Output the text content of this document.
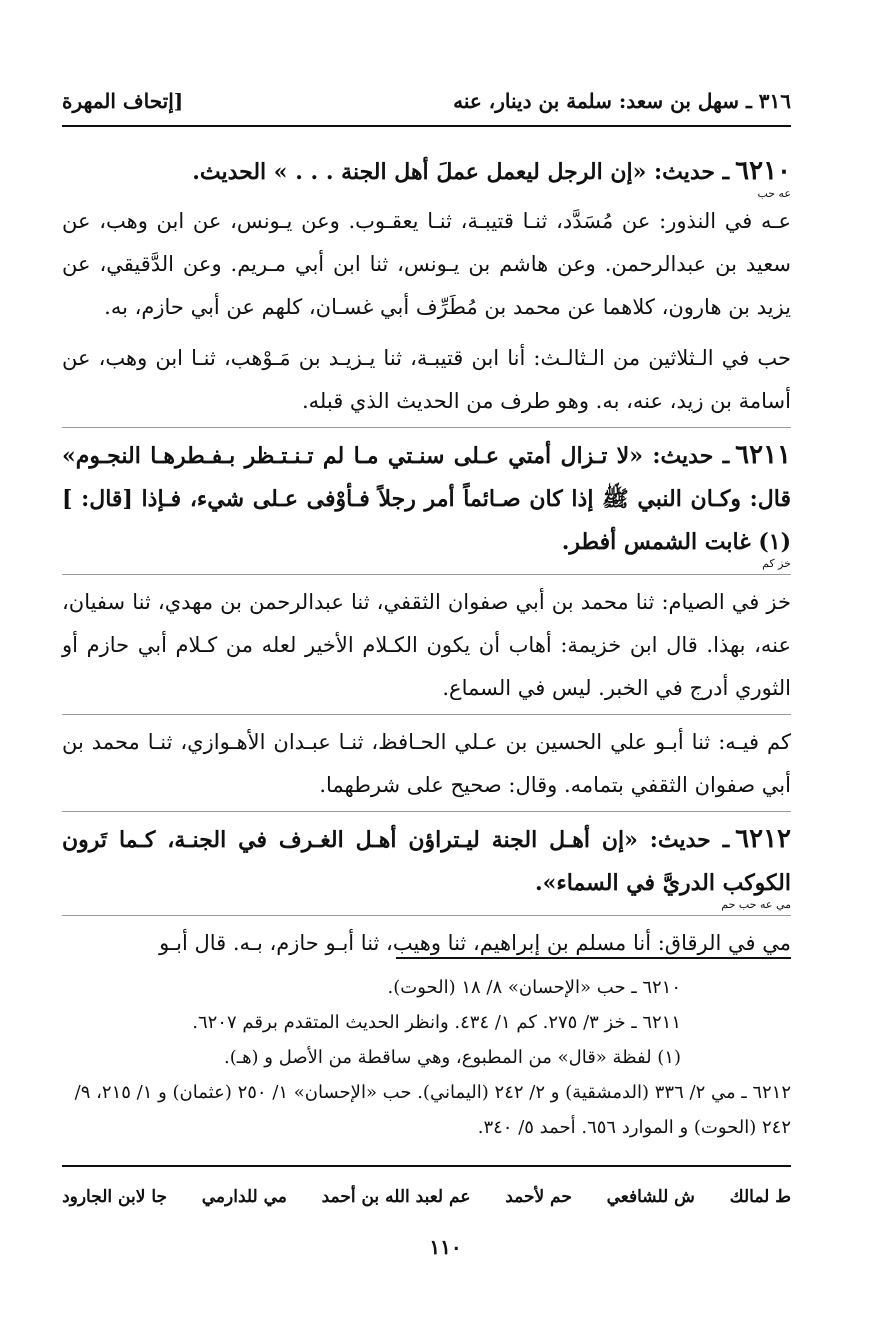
٣١٦ ـ سهل بن سعد: سلمة بن دينار، عنه
[إتحاف المهرة

٦٢١٠ـ حديث: «إن الرجل ليعمل عملَ أهل الجنة . . . » الحديث.

عه حب

عـه في النذور: عن مُسَدَّد، ثنـا قتيبـة، ثنـا يعقـوب. وعن يـونس، عن ابن وهب، عن سعيد بن عبدالرحمن. وعن هاشم بن يـونس، ثنا ابن أبي مـريم. وعن الدَّقيقي، عن يزيد بن هارون، كلاهما عن محمد بن مُطَرِّف أبي غسـان، كلهم عن أبي حازم، به.

حب في الـثلاثين من الـثالـث: أنا ابن قتيبـة، ثنا يـزيـد بن مَـوْهب، ثنـا ابن وهب، عن أسامة بن زيد، عنه، به. وهو طرف من الحديث الذي قبله.

٦٢١١ـ حديث: «لا تـزال أمتي عـلى سنـتي مـا لم تـنـتـظر بـفـطرهـا النجـوم» قال: وكـان النبي ﷺ إذا كان صـائماً أمر رجلاً فـأوْفى عـلى شيء، فـإذا [قال: ](١) غابت الشمس أفطر.

خز كم

خز في الصيام: ثنا محمد بن أبي صفوان الثقفي، ثنا عبدالرحمن بن مهدي، ثنا سفيان، عنه، بهذا. قال ابن خزيمة: أهاب أن يكون الكـلام الأخير لعله من كـلام أبي حازم أو الثوري أدرج في الخبر. ليس في السماع.

كم فيـه: ثنا أبـو علي الحسين بن عـلي الحـافظ، ثنـا عبـدان الأهـوازي، ثنـا محمد بن أبي صفوان الثقفي بتمامه. وقال: صحيح على شرطهما.

٦٢١٢ـ حديث: «إن أهـل الجنة ليـتراؤن أهـل الغـرف في الجنـة، كـما تَرون الكوكب الدريَّ في السماء».

مي عه حب حم

مي في الرقاق: أنا مسلم بن إبراهيم، ثنا وهيب، ثنا أبـو حازم، بـه. قال أبـو

٦٢١٠ ـ حب «الإحسان» ٨/ ١٨ (الحوت).

٦٢١١ ـ خز ٣/ ٢٧٥. كم ١/ ٤٣٤. وانظر الحديث المتقدم برقم ٦٢٠٧.

(١) لفظة «قال» من المطبوع، وهي ساقطة من الأصل و (هـ).

٦٢١٢ ـ مي ٢/ ٣٣٦ (الدمشقية) و ٢/ ٢٤٢ (اليماني). حب «الإحسان» ١/ ٢٥٠ (عثمان) و ١/ ٢١٥، ٩/ ٢٤٢ (الحوت) و الموارد ٦٥٦. أحمد ٥/ ٣٤٠.

ط لمالك
ش للشافعي
حم لأحمد
عم لعبد الله بن أحمد
مي للدارمي
جا لابن الجارود
١١٠
